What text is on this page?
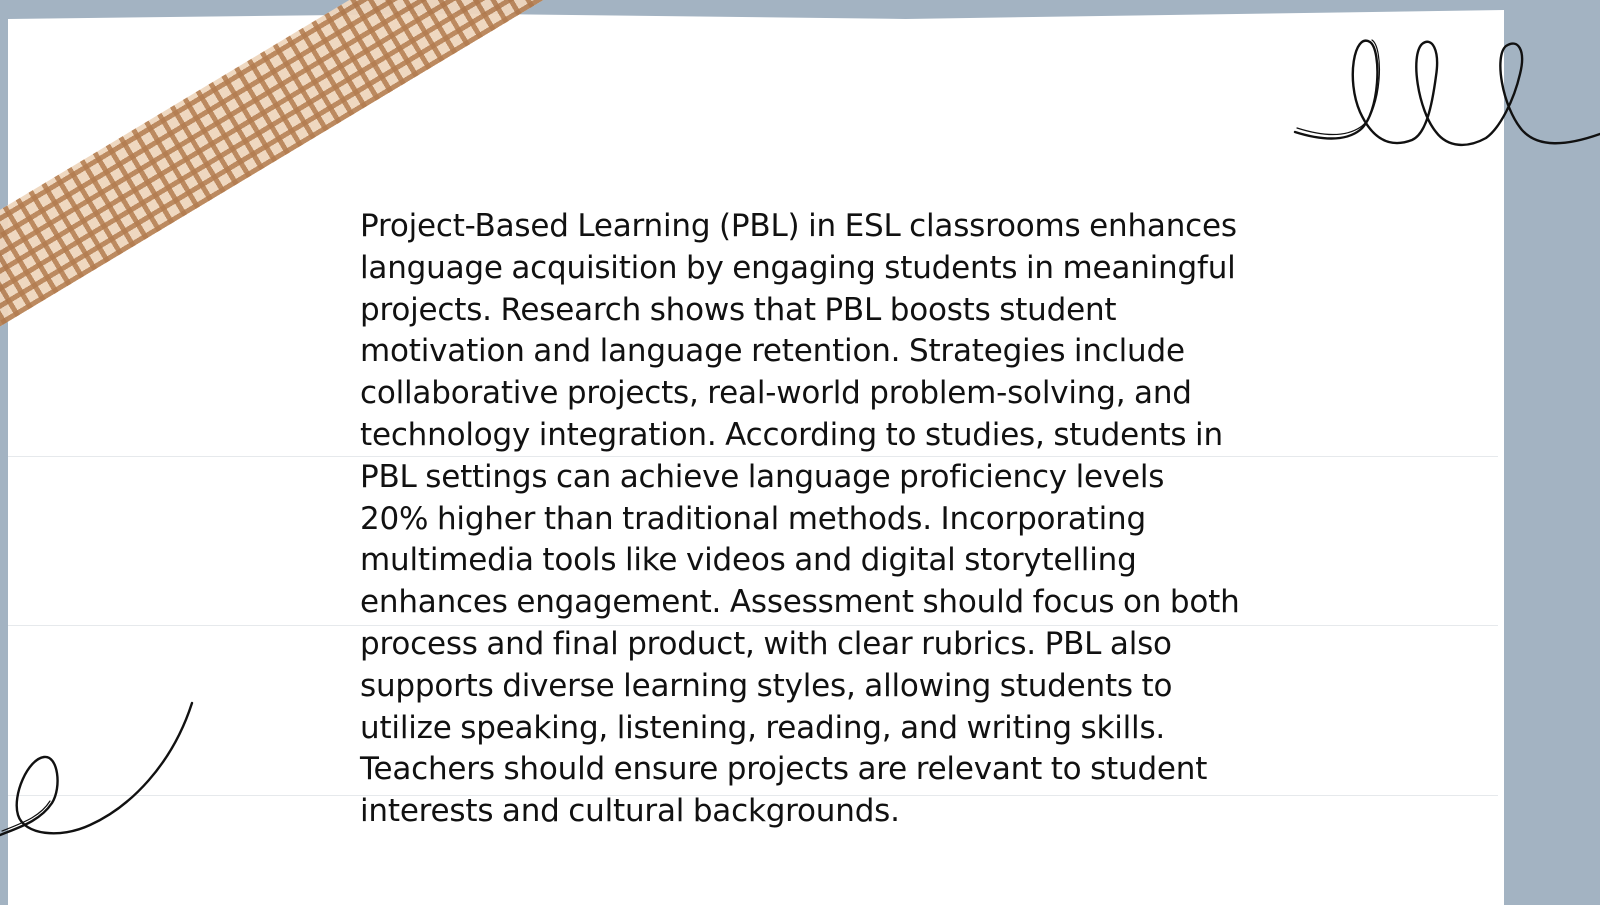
Project-Based Learning (PBL) in ESL classrooms enhances language acquisition by engaging students in meaningful projects. Research shows that PBL boosts student motivation and language retention. Strategies include collaborative projects, real-world problem-solving, and technology integration. According to studies, students in PBL settings can achieve language proficiency levels 20% higher than traditional methods. Incorporating multimedia tools like videos and digital storytelling enhances engagement. Assessment should focus on both process and final product, with clear rubrics. PBL also supports diverse learning styles, allowing students to utilize speaking, listening, reading, and writing skills. Teachers should ensure projects are relevant to student interests and cultural backgrounds.
